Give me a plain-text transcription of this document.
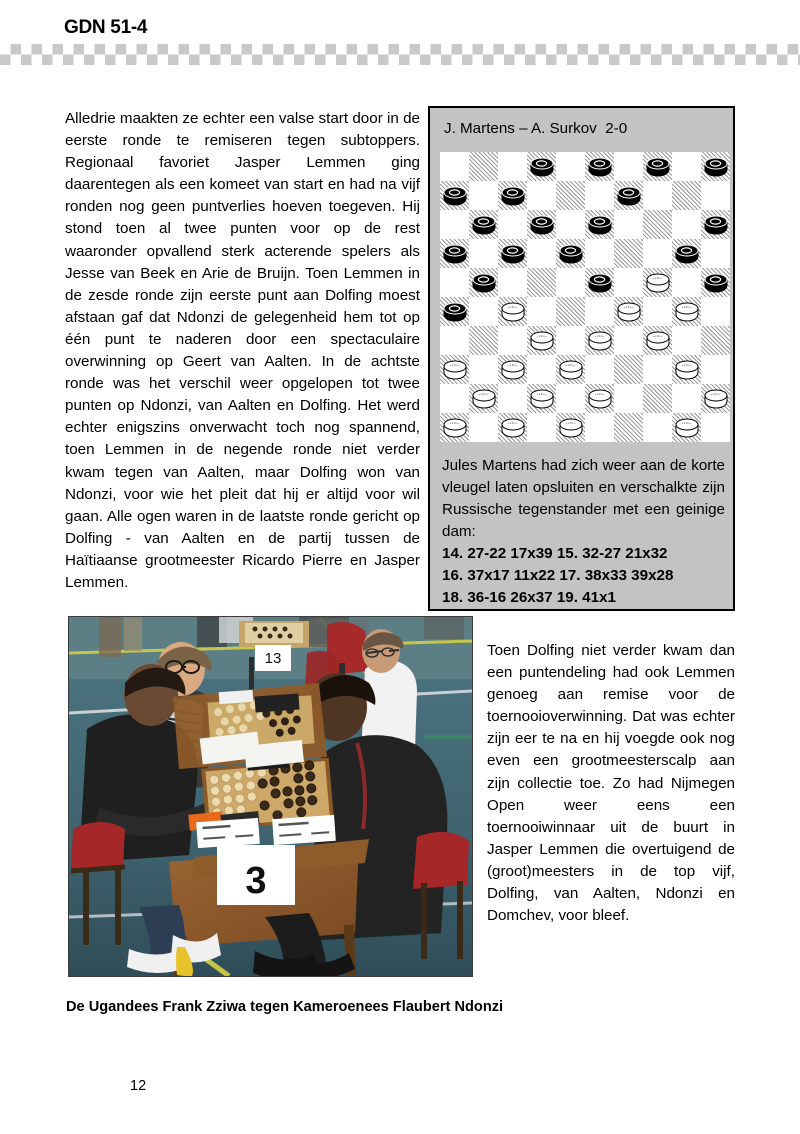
GDN 51-4

Alledrie maakten ze echter een valse start door in de eerste ronde te remiseren tegen subtoppers. Regionaal favoriet Jasper Lemmen ging daarentegen als een komeet van start en had na vijf ronden nog geen puntverlies hoeven toegeven. Hij stond toen al twee punten voor op de rest waaronder opvallend sterk acterende spelers als Jesse van Beek en Arie de Bruijn. Toen Lemmen in de zesde ronde zijn eerste punt aan Dolfing moest afstaan gaf dat Ndonzi de gelegenheid hem tot op één punt te naderen door een spectaculaire overwinning op Geert van Aalten. In de achtste ronde was het verschil weer opgelopen tot twee punten op Ndonzi, van Aalten en Dolfing. Het werd echter enigszins onverwacht toch nog spannend, toen Lemmen in de negende ronde niet verder kwam tegen van Aalten, maar Dolfing won van Ndonzi, voor wie het pleit dat hij er altijd voor wil gaan. Alle ogen waren in de laatste ronde gericht op Dolfing - van Aalten en de partij tussen de Haïtiaanse grootmeester Ricardo Pierre en Jasper Lemmen.

J. Martens – A. Surkov  2-0
Jules Martens had zich weer aan de korte vleugel laten opsluiten en verschalkte zijn Russische tegenstander met een geinige dam:
14. 27-22 17x39 15. 32-27 21x32
16. 37x17 11x22 17. 38x33 39x28
18. 36-16 26x37 19. 41x1
13
3
De Ugandees Frank Zziwa tegen Kameroenees Flaubert Ndonzi

Toen Dolfing niet verder kwam dan een puntendeling had ook Lemmen genoeg aan remise voor de toernooioverwinning. Dat was echter zijn eer te na en hij voegde ook nog even een grootmeesterscalp aan zijn collectie toe. Zo had Nijmegen Open weer eens een toernooiwinnaar uit de buurt in Jasper Lemmen die overtuigend de (groot)meesters in de top vijf, Dolfing, van Aalten, Ndonzi en Domchev, voor bleef.

12
